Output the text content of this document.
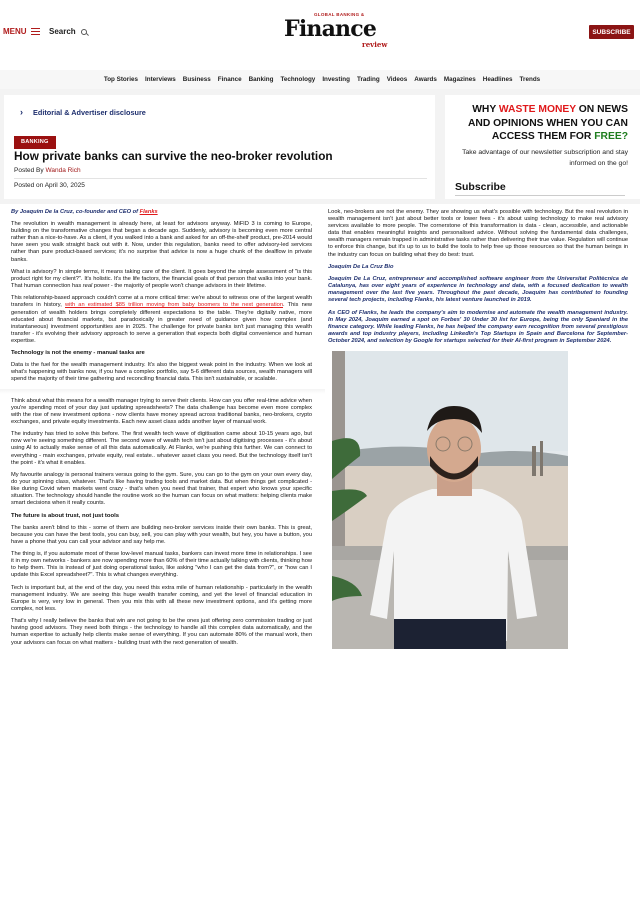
MENU	Search
GLOBAL BANKING &
Finance
review
SUBSCRIBE
Top Stories Interviews Business Finance Banking Technology Investing Trading Videos Awards Magazines Headlines Trends
› Editorial & Advertiser disclosure
BANKING
How private banks can survive the neo-broker revolution
Posted By Wanda Rich
Posted on April 30, 2025
WHY WASTE MONEY ON NEWS AND OPINIONS WHEN YOU CAN ACCESS THEM FOR FREE?
Take advantage of our newsletter subscription and stay informed on the go!
Subscribe

By Joaquim De la Cruz, co-founder and CEO of Flanks

The revolution in wealth management is already here, at least for advisors anyway. MiFID 3 is coming to Europe, building on the transformative changes that began a decade ago. Suddenly, advisory is becoming even more central rather than a nice-to-have. As a client, if you walked into a bank and asked for an off-the-shelf product, pre-2014 would have seen you walk straight back out with it. Now, under this regulation, banks need to offer advisory-led services rather than pure product-based services; it's no surprise that advice is now a huge chunk of the dealflow in private banks.

What is advisory? In simple terms, it means taking care of the client. It goes beyond the simple assessment of "is this product right for my client?". It's holistic. It's the life factors, the financial goals of that person that walks into your bank. That human connection has real power - the majority of people won't change advisors in their lifetime.

This relationship-based approach couldn't come at a more critical time: we're about to witness one of the largest wealth transfers in history, with an estimated $85 trillion moving from baby boomers to the next generation. This new generation of wealth holders brings completely different expectations to the table. They're digitally native, more educated about financial markets, but paradoxically in greater need of guidance given how complex (and instantaneous) investment opportunities are in 2025. The challenge for private banks isn't just managing this wealth transfer - it's evolving their advisory approach to serve a generation that expects both digital convenience and human expertise.

Technology is not the enemy - manual tasks are

Data is the fuel for the wealth management industry. It's also the biggest weak point in the industry. When we look at what's happening with banks now, if you have a complex portfolio, say 5-6 different data sources, wealth managers will spend the majority of their time gathering and reconciling financial data. This isn't sustainable, or scalable.

Think about what this means for a wealth manager trying to serve their clients. How can you offer real-time advice when you're spending most of your day just updating spreadsheets? The data challenge has become even more complex with the rise of new investment options - now clients have money spread across traditional banks, neo-brokers, crypto exchanges, and private equity investments. Each new asset class adds another layer of manual work.

The industry has tried to solve this before. The first wealth tech wave of digitisation came about 10-15 years ago, but now we're seeing something different. The second wave of wealth tech isn't just about digitising processes - it's about using AI to actually make sense of all this data automatically. At Flanks, we're pushing this further. We can connect to everything - main exchanges, private equity, real estate.. whatever asset class you need. But the technology itself isn't the point - it's what it enables.

My favourite analogy is personal trainers versus going to the gym. Sure, you can go to the gym on your own every day, do your spinning class, whatever. That's like having trading tools and market data. But when things get complicated - like during Covid when markets went crazy - that's when you need that trainer, that expert who knows your specific situation. The technology should handle the routine work so the human can focus on what matters: helping clients make smart decisions when it really counts.

The future is about trust, not just tools

The banks aren't blind to this - some of them are building neo-broker services inside their own banks. This is great, because you can have the best tools, you can buy, sell, you can play with your wealth, but hey, you have a button, you have a phone that you can call your advisor and say help me.

The thing is, if you automate most of these low-level manual tasks, bankers can invest more time in relationships. I see it in my own networks - bankers are now spending more than 60% of their time actually talking with clients, thinking how to help them. This is instead of just doing operational tasks, like asking "who I can get the data from?", or "how can I update this Excel spreadsheet?". This is what changes everything.

Tech is important but, at the end of the day, you need this extra mile of human relationship - particularly in the wealth management industry. We are seeing this huge wealth transfer coming, and yet the level of financial education in Europe is very, very low in general. Then you mix this with all these new investment options, and it's getting more complex, not less.

That's why I really believe the banks that win are not going to be the ones just offering zero commission trading or just having good advisors. They need both things - the technology to handle all this complex data automatically, and the human expertise to actually help clients make sense of everything. If you can automate 80% of the manual work, then your advisors can focus on what matters - building trust with the next generation of wealth.

Look, neo-brokers are not the enemy. They are showing us what's possible with technology. But the real revolution in wealth management isn't just about better tools or lower fees - it's about using technology to make real advisory services available to more people. The cornerstone of this transformation is data - clean, accessible, and actionable data that enables meaningful insights and personalised advice. Without solving the fundamental data challenges, wealth managers remain trapped in administrative tasks rather than delivering their true value. Regulation will continue to enforce this change, but it's up to us to build the tools to help free up those resources so that the human beings in the industry can focus on building what they do best: trust.

Joaquim De La Cruz Bio

Joaquim De La Cruz, entrepreneur and accomplished software engineer from the Universitat Politècnica de Catalunya, has over eight years of experience in technology and data, with a focused dedication to wealth management over the last five years. Throughout the past decade, Joaquim has contributed to founding several tech projects, including Flanks, his latest venture launched in 2019.

As CEO of Flanks, he leads the company's aim to modernise and automate the wealth management industry. In May 2024, Joaquim earned a spot on Forbes' 30 Under 30 list for Europe, being the only Spaniard in the finance category. While leading Flanks, he has helped the company earn recognition from several prestigious awards and top industry players, including LinkedIn's Top Startups in Spain and Barcelona for September-October 2024, and selection by Google for startups selected for their AI-first program in September 2024.
